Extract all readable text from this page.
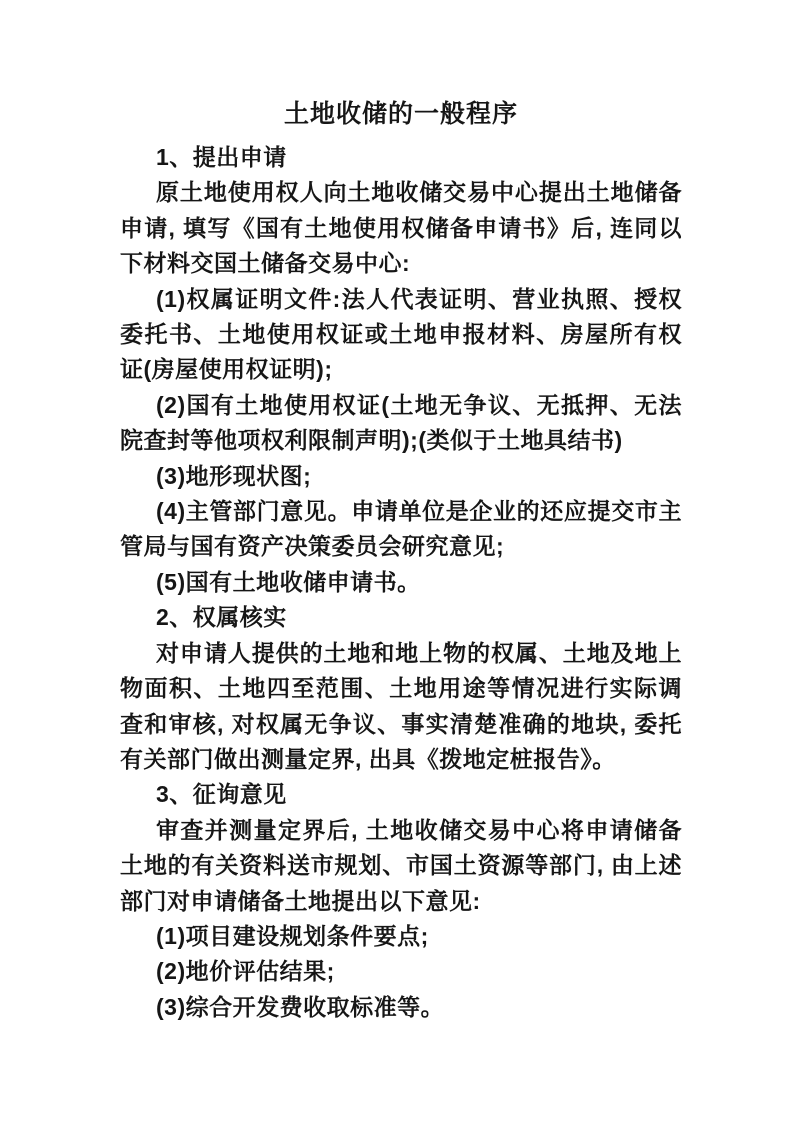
土地收储的一般程序

1、提出申请

原土地使用权人向土地收储交易中心提出土地储备申请, 填写《国有土地使用权储备申请书》后, 连同以下材料交国土储备交易中心:

(1)权属证明文件:法人代表证明、营业执照、授权委托书、土地使用权证或土地申报材料、房屋所有权证(房屋使用权证明);

(2)国有土地使用权证(土地无争议、无抵押、无法院查封等他项权利限制声明);(类似于土地具结书)

(3)地形现状图;

(4)主管部门意见。申请单位是企业的还应提交市主管局与国有资产决策委员会研究意见;

(5)国有土地收储申请书。

2、权属核实

对申请人提供的土地和地上物的权属、土地及地上物面积、土地四至范围、土地用途等情况进行实际调查和审核, 对权属无争议、事实清楚准确的地块, 委托有关部门做出测量定界, 出具《拨地定桩报告》。

3、征询意见

审查并测量定界后, 土地收储交易中心将申请储备土地的有关资料送市规划、市国土资源等部门, 由上述部门对申请储备土地提出以下意见:

(1)项目建设规划条件要点;

(2)地价评估结果;

(3)综合开发费收取标准等。
